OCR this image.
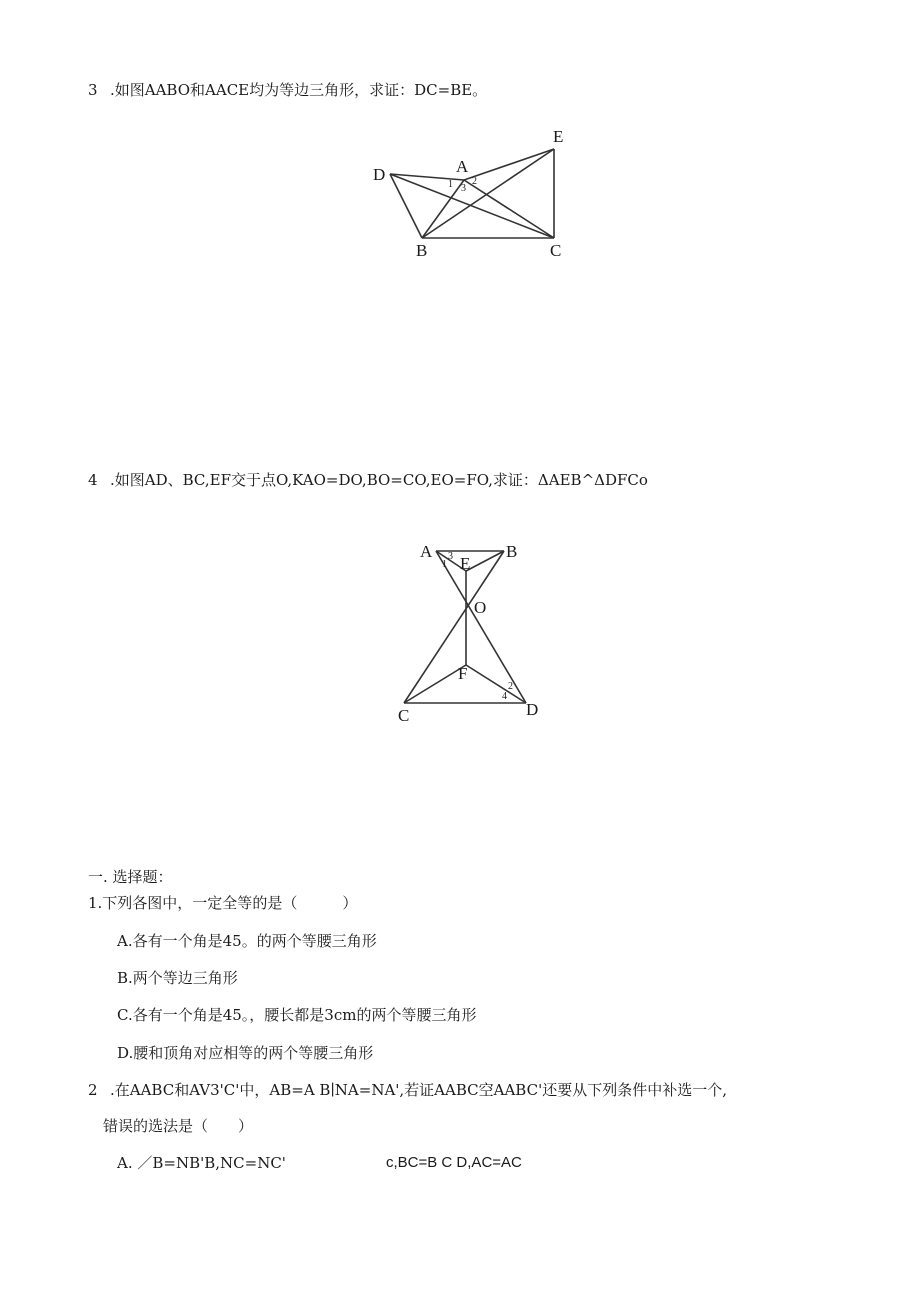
3 .如图AABO和AACE均为等边三角形，求证：DC=BE。
D	A
E
B	C
1 2
3
4 .如图AD、BC,EF交于点O,KAO=DO,BO=CO,EO=FO,求证：ΔAEB^ΔDFCo
A	B
E
O
F
C	D
1
3
2
4
一. 选择题：
1.下列各图中，一定全等的是（　　　）
A.各有一个角是45。的两个等腰三角形
B.两个等边三角形
C.各有一个角是45。，腰长都是3cm的两个等腰三角形
D.腰和顶角对应相等的两个等腰三角形
2 .在AABC和AV3'C'中，AB=A B∣NA=NA',若证AABC空AABC'还要从下列条件中补选一个,
错误的选法是（　　）
A. ／B=NB'B,NC=NC'	c,BC=B C D,AC=AC
